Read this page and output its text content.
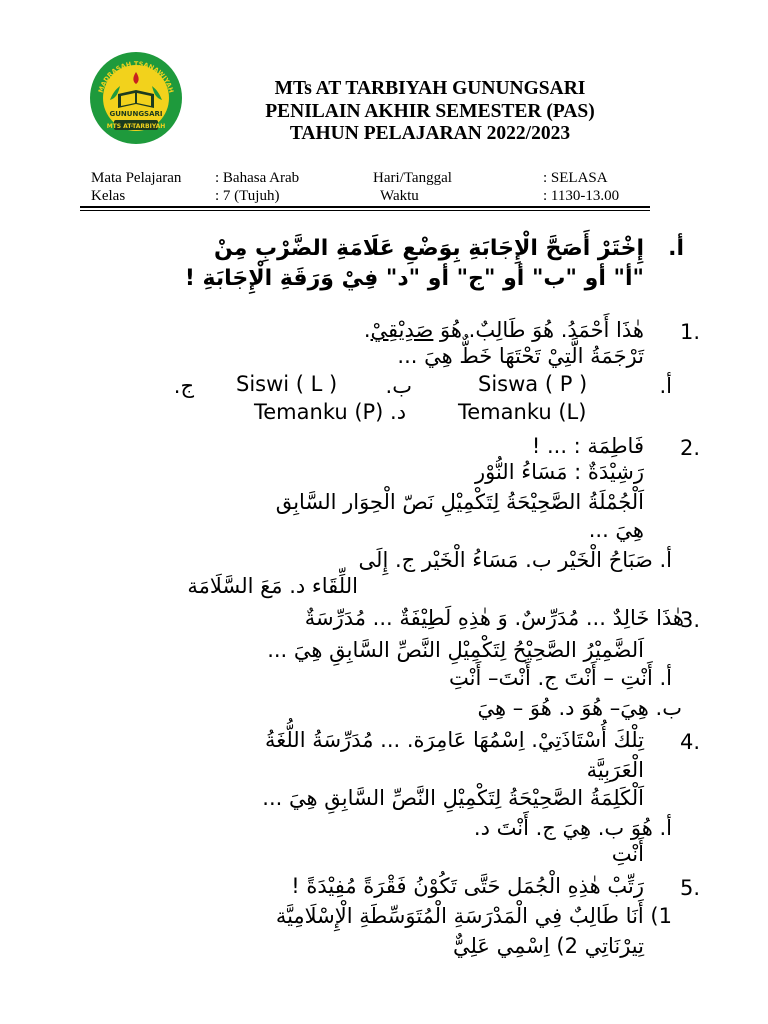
MADRASAH TSANAWIYAH
GUNUNGSARI
MTS AT-TARBIYAH
MTs AT TARBIYAH GUNUNGSARI
PENILAIN AKHIR SEMESTER (PAS)
TAHUN PELAJARAN 2022/2023
Mata Pelajaran : Bahasa Arab	Hari/Tanggal	: SELASA
Kelas	: 7 (Tujuh)	Waktu	: 1130-13.00
أ.
إِخْتَرْ أَصَحَّ الْإِجَابَةِ بِوَضْعِ عَلَامَةِ الضَّرْبِ مِنْ
"أ" أو "ب" أو "ج" أو "د" فِيْ وَرَقَةِ الْإِجَابَةِ !
1.
هٰذَا أَحْمَدُ. هُوَ طَالِبٌ. هُوَ صَدِيْقِيْ.
تَرْجَمَةُ الَّتِيْ تَحْتَهَا خَطٌّ هِيَ ...
أ.
Siswa ( P )
ب.
Siswi ( L )
ج.
Temanku (P) .د Temanku (L)
2.
فَاطِمَة : ... !
رَشِيْدَةٌ : مَسَاءُ النُّوْر
اَلْجُمْلَةُ الصَّحِيْحَةُ لِتَكْمِيْلِ نَصّ الْحِوَار السَّابِق
هِيَ ...
أ. صَبَاحُ الْخَيْر ب. مَسَاءُ الْخَيْر ج. إِلَى
اللِّقَاء د. مَعَ السَّلَامَة
3.
هٰذَا خَالِدٌ ... مُدَرِّسٌ. وَ هٰذِهِ لَطِيْفَةٌ ... مُدَرِّسَةٌ
اَلضَّمِيْرُ الصَّحِيْحُ لِتَكْمِيْلِ النَّصِّ السَّابِقِ هِيَ ...
أ. أَنْتِ – أَنْتَ ج. أَنْتَ– أَنْتِ
ب. هِيَ– هُوَ د. هُوَ – هِيَ
4.
تِلْكَ أُسْتَاذَتِيْ. اِسْمُهَا عَامِرَة. ... مُدَرِّسَةُ اللُّغَةُ
الْعَرَبِيَّة
اَلْكَلِمَةُ الصَّحِيْحَةُ لِتَكْمِيْلِ النَّصِّ السَّابِقِ هِيَ ...
أ. هُوَ ب. هِيَ ج. أَنْتَ د.
أَنْتِ
5.
رَتِّبْ هٰذِهِ الْجُمَل حَتَّى تَكُوْنُ فَقْرَةً مُفِيْدَةً !
1) أَنَا طَالِبٌ فِي الْمَدْرَسَةِ الْمُتَوَسِّطَةِ الْإِسْلَامِيَّة
تِيرْنَاتِي 2) اِسْمِي عَلِيٌّ
